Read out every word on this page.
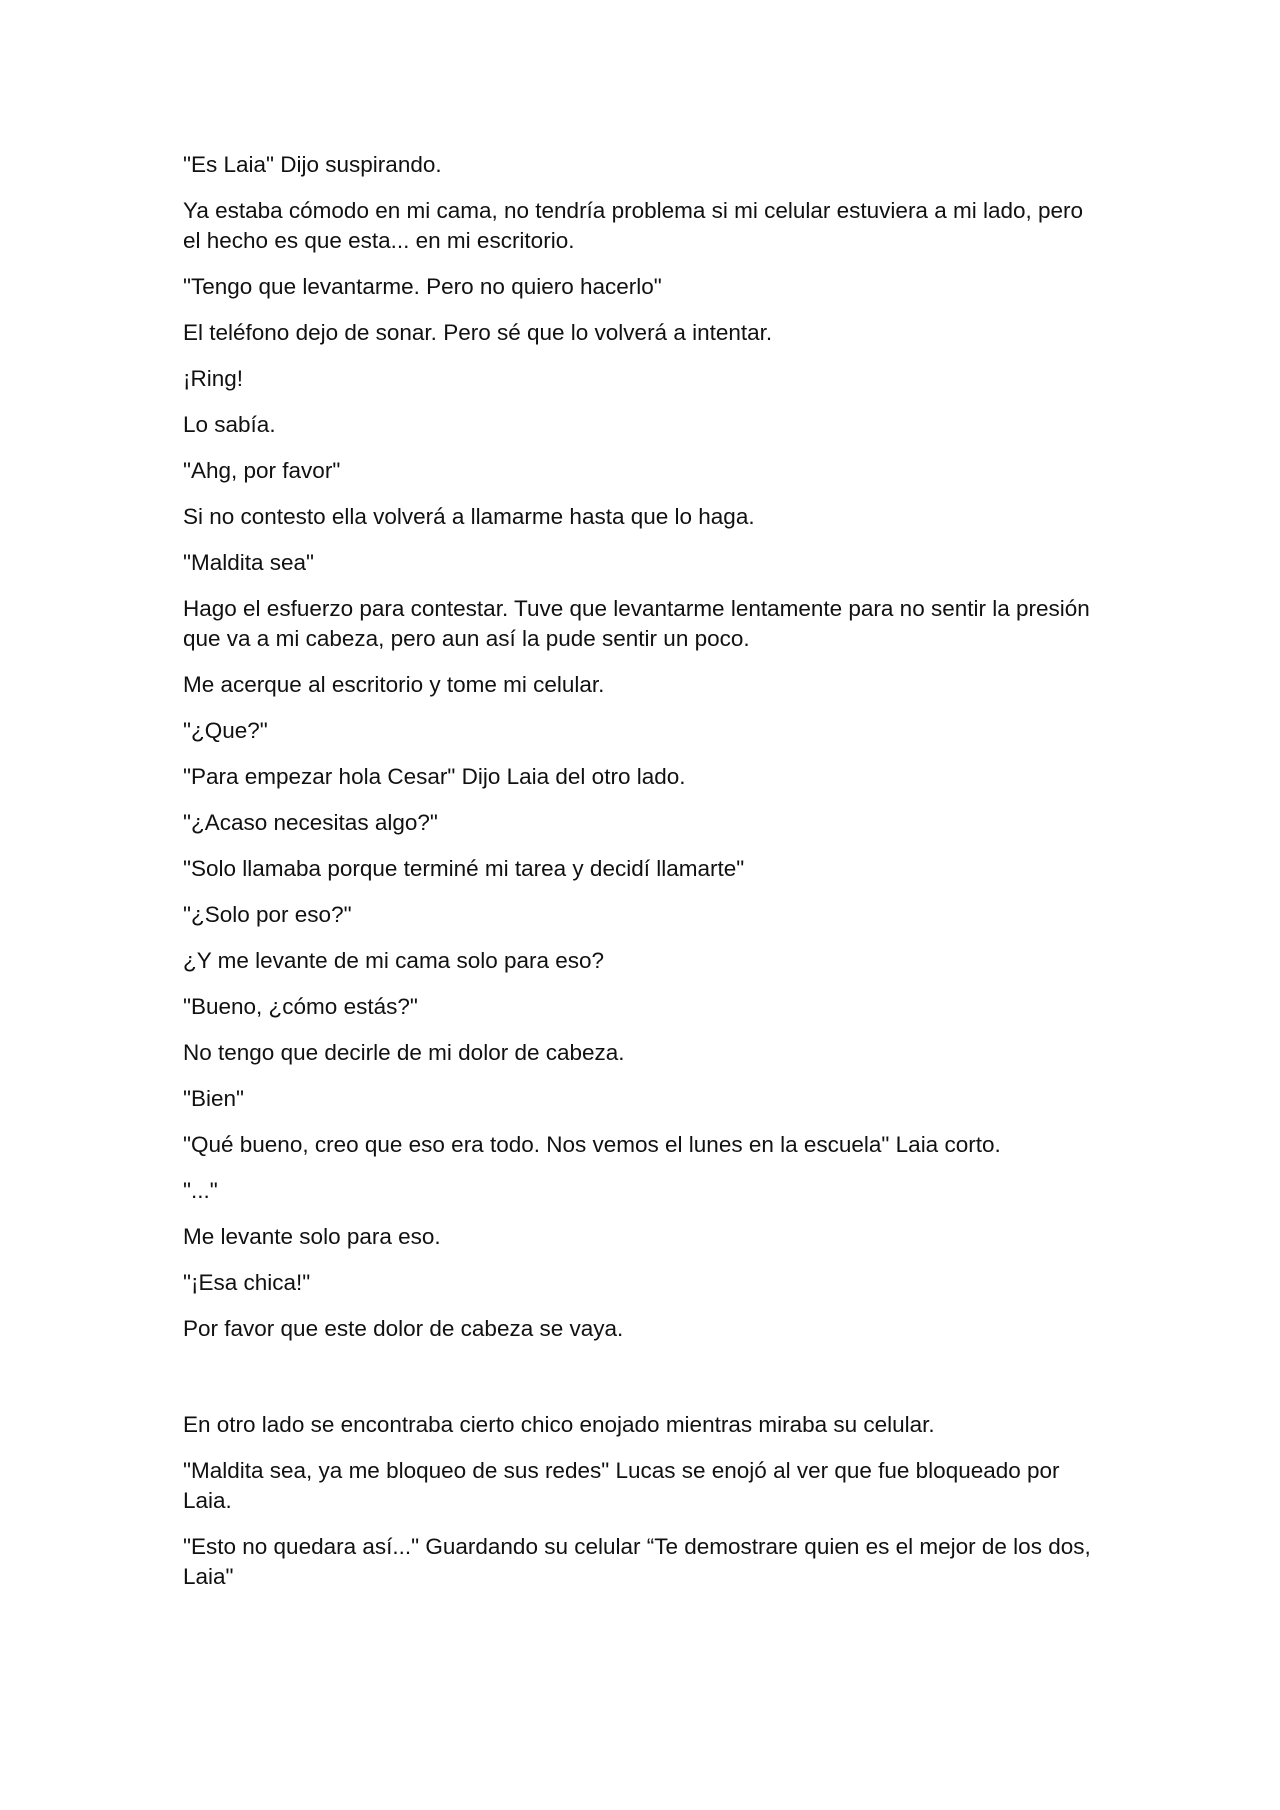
"Es Laia" Dijo suspirando.

Ya estaba cómodo en mi cama, no tendría problema si mi celular estuviera a mi lado, pero el hecho es que esta... en mi escritorio.

"Tengo que levantarme. Pero no quiero hacerlo"

El teléfono dejo de sonar. Pero sé que lo volverá a intentar.

¡Ring!

Lo sabía.

"Ahg, por favor"

Si no contesto ella volverá a llamarme hasta que lo haga.

"Maldita sea"

Hago el esfuerzo para contestar. Tuve que levantarme lentamente para no sentir la presión que va a mi cabeza, pero aun así la pude sentir un poco.

Me acerque al escritorio y tome mi celular.

"¿Que?"

"Para empezar hola Cesar" Dijo Laia del otro lado.

"¿Acaso necesitas algo?"

"Solo llamaba porque terminé mi tarea y decidí llamarte"

"¿Solo por eso?"

¿Y me levante de mi cama solo para eso?

"Bueno, ¿cómo estás?"

No tengo que decirle de mi dolor de cabeza.

"Bien"

"Qué bueno, creo que eso era todo. Nos vemos el lunes en la escuela" Laia corto.

"..."

Me levante solo para eso.

"¡Esa chica!"

Por favor que este dolor de cabeza se vaya.

En otro lado se encontraba cierto chico enojado mientras miraba su celular.

"Maldita sea, ya me bloqueo de sus redes" Lucas se enojó al ver que fue bloqueado por Laia.

"Esto no quedara así..." Guardando su celular “Te demostrare quien es el mejor de los dos, Laia"
